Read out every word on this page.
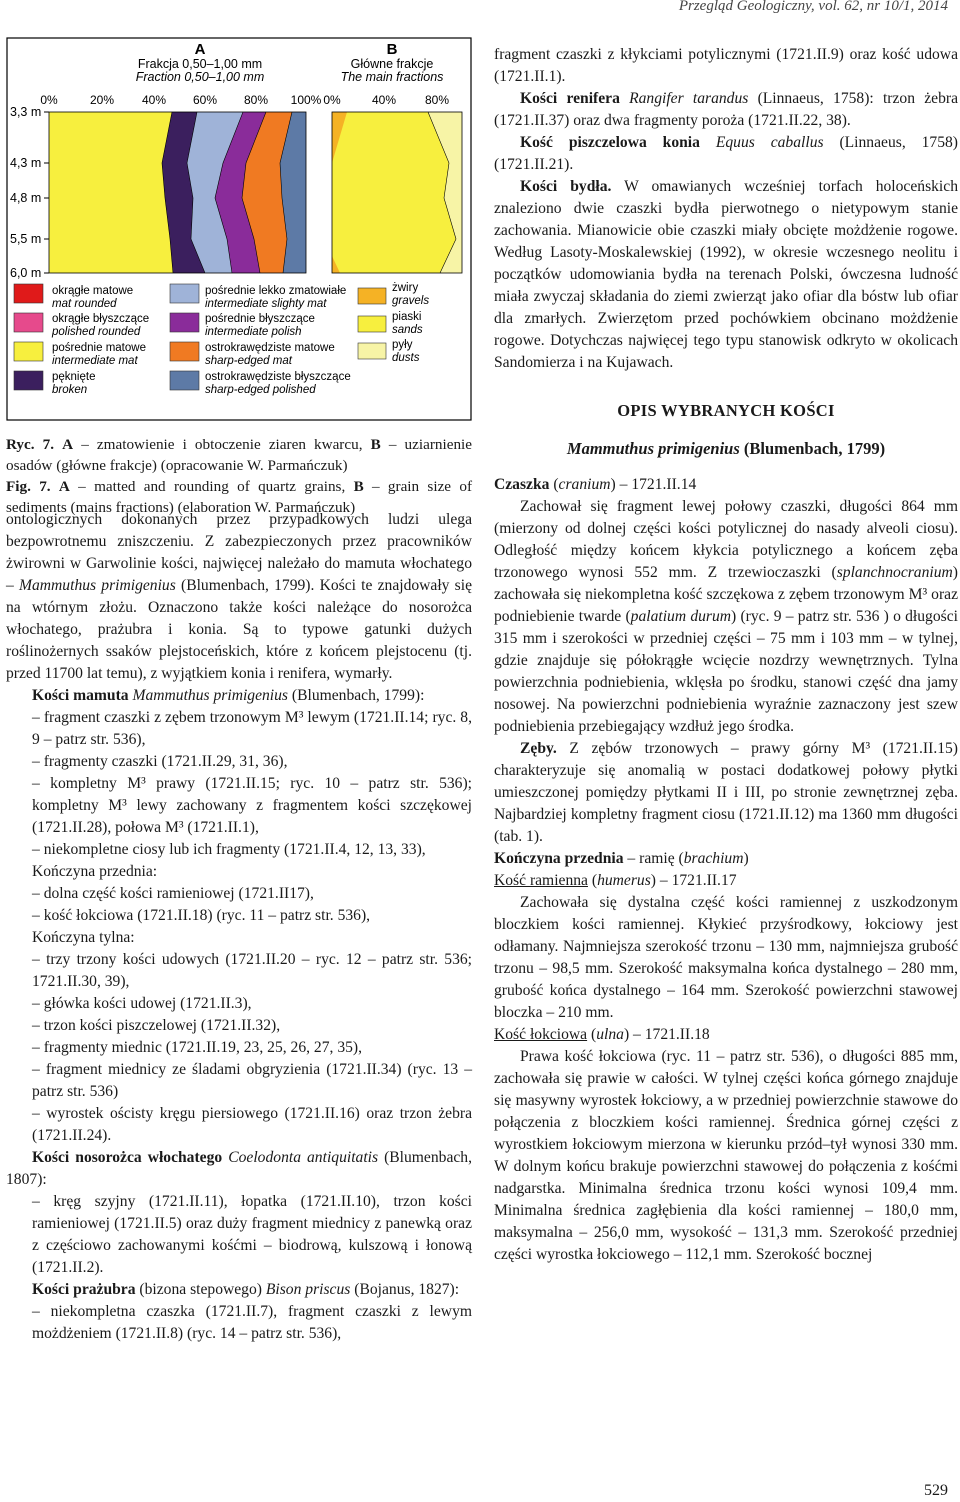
Przegląd Geologiczny, vol. 62, nr 10/1, 2014
A
Frakcja 0,50–1,00 mm
Fraction 0,50–1,00 mm
B
Główne frakcje
The main fractions
0%	20% 40% 60% 80% 100% 0%	40% 80%
3,3 m
4,3 m
4,8 m
5,5 m
6,0 m
okrągłe matowe
mat rounded
okrągłe błyszczące
polished rounded
pośrednie matowe
intermediate mat
pęknięte
broken
pośrednie lekko zmatowiałe
intermediate slighty mat
pośrednie błyszczące
intermediate polish
ostrokrawędziste matowe
sharp-edged mat
ostrokrawędziste błyszczące
sharp-edged polished
żwiry
gravels
piaski
sands
pyły
dusts

Ryc. 7. A – zmatowienie i obtoczenie ziaren kwarcu, B – uziarnienie osadów (główne frakcje) (opracowanie W. Parmańczuk)

Fig. 7. A – matted and rounding of quartz grains, B – grain size of sediments (mains fractions) (elaboration W. Parmańczuk)

ontologicznych dokonanych przez przypadkowych ludzi ulega bezpowrotnemu zniszczeniu. Z zabezpieczonych przez pracowników żwirowni w Garwolinie kości, najwięcej należało do mamuta włochatego – Mammuthus primigenius (Blumenbach, 1799). Kości te znajdowały się na wtórnym złożu. Oznaczono także kości należące do nosorożca włochatego, prażubra i konia. Są to typowe gatunki dużych roślinożernych ssaków plejstoceńskich, które z końcem plejstocenu (tj. przed 11700 lat temu), z wyjątkiem konia i renifera, wymarły.

Kości mamuta Mammuthus primigenius (Blumenbach, 1799):

– fragment czaszki z zębem trzonowym M³ lewym (1721.II.14; ryc. 8, 9 – patrz str. 536),

– fragmenty czaszki (1721.II.29, 31, 36),

– kompletny M³ prawy (1721.II.15; ryc. 10 – patrz str. 536); kompletny M³ lewy zachowany z fragmentem kości szczękowej (1721.II.28), połowa M³ (1721.II.1),

– niekompletne ciosy lub ich fragmenty (1721.II.4, 12, 13, 33),

Kończyna przednia:

– dolna część kości ramieniowej (1721.II17),

– kość łokciowa (1721.II.18) (ryc. 11 – patrz str. 536),

Kończyna tylna:

– trzy trzony kości udowych (1721.II.20 – ryc. 12 – patrz str. 536; 1721.II.30, 39),

– główka kości udowej (1721.II.3),

– trzon kości piszczelowej (1721.II.32),

– fragmenty miednic (1721.II.19, 23, 25, 26, 27, 35),

– fragment miednicy ze śladami obgryzienia (1721.II.34) (ryc. 13 – patrz str. 536)

– wyrostek ościsty kręgu piersiowego (1721.II.16) oraz trzon żebra (1721.II.24).

Kości nosorożca włochatego Coelodonta antiquitatis (Blumenbach, 1807):

– kręg szyjny (1721.II.11), łopatka (1721.II.10), trzon kości ramieniowej (1721.II.5) oraz duży fragment miednicy z panewką oraz z częściowo zachowanymi kośćmi – biodrową, kulszową i łonową (1721.II.2).

Kości prażubra (bizona stepowego) Bison priscus (Bojanus, 1827):

– niekompletna czaszka (1721.II.7), fragment czaszki z lewym możdżeniem (1721.II.8) (ryc. 14 – patrz str. 536),

fragment czaszki z kłykciami potylicznymi (1721.II.9) oraz kość udowa (1721.II.1).

Kości renifera Rangifer tarandus (Linnaeus, 1758): trzon żebra (1721.II.37) oraz dwa fragmenty poroża (1721.II.22, 38).

Kość piszczelowa konia Equus caballus (Linnaeus, 1758) (1721.II.21).

Kości bydła. W omawianych wcześniej torfach holoceńskich znaleziono dwie czaszki bydła pierwotnego o nietypowym stanie zachowania. Mianowicie obie czaszki miały obcięte możdżenie rogowe. Według Lasoty-Moskalewskiej (1992), w okresie wczesnego neolitu i początków udomowiania bydła na terenach Polski, ówczesna ludność miała zwyczaj składania do ziemi zwierząt jako ofiar dla bóstw lub ofiar dla zmarłych. Zwierzętom przed pochówkiem obcinano możdżenie rogowe. Dotychczas najwięcej tego typu stanowisk odkryto w okolicach Sandomierza i na Kujawach.

OPIS WYBRANYCH KOŚCI

Mammuthus primigenius (Blumenbach, 1799)

Czaszka (cranium) – 1721.II.14

Zachował się fragment lewej połowy czaszki, długości 864 mm (mierzony od dolnej części kości potylicznej do nasady alveoli ciosu). Odległość między końcem kłykcia potylicznego a końcem zęba trzonowego wynosi 552 mm. Z trzewioczaszki (splanchnocranium) zachowała się niekompletna kość szczękowa z zębem trzonowym M³ oraz podniebienie twarde (palatium durum) (ryc. 9 – patrz str. 536 ) o długości 315 mm i szerokości w przedniej części – 75 mm i 103 mm – w tylnej, gdzie znajduje się półokrągłe wcięcie nozdrzy wewnętrznych. Tylna powierzchnia podniebienia, wklęsła po środku, stanowi część dna jamy nosowej. Na powierzchni podniebienia wyraźnie zaznaczony jest szew podniebienia przebiegający wzdłuż jego środka.

Zęby. Z zębów trzonowych – prawy górny M³ (1721.II.15) charakteryzuje się anomalią w postaci dodatkowej połowy płytki umieszczonej pomiędzy płytkami II i III, po stronie zewnętrznej zęba. Najbardziej kompletny fragment ciosu (1721.II.12) ma 1360 mm długości (tab. 1).

Kończyna przednia – ramię (brachium)

Kość ramienna (humerus) – 1721.II.17

Zachowała się dystalna część kości ramiennej z uszkodzonym bloczkiem kości ramiennej. Kłykieć przyśrodkowy, łokciowy jest odłamany. Najmniejsza szerokość trzonu – 130 mm, najmniejsza grubość trzonu – 98,5 mm. Szerokość maksymalna końca dystalnego – 280 mm, grubość końca dystalnego – 164 mm. Szerokość powierzchni stawowej bloczka – 210 mm.

Kość łokciowa (ulna) – 1721.II.18

Prawa kość łokciowa (ryc. 11 – patrz str. 536), o długości 885 mm, zachowała się prawie w całości. W tylnej części końca górnego znajduje się masywny wyrostek łokciowy, a w przedniej powierzchnie stawowe do połączenia z bloczkiem kości ramiennej. Średnica górnej części z wyrostkiem łokciowym mierzona w kierunku przód–tył wynosi 330 mm. W dolnym końcu brakuje powierzchni stawowej do połączenia z kośćmi nadgarstka. Minimalna średnica trzonu kości wynosi 109,4 mm. Minimalna średnica zagłębienia dla kości ramiennej – 180,0 mm, maksymalna – 256,0 mm, wysokość – 131,3 mm. Szerokość przedniej części wyrostka łokciowego – 112,1 mm. Szerokość bocznej

529
